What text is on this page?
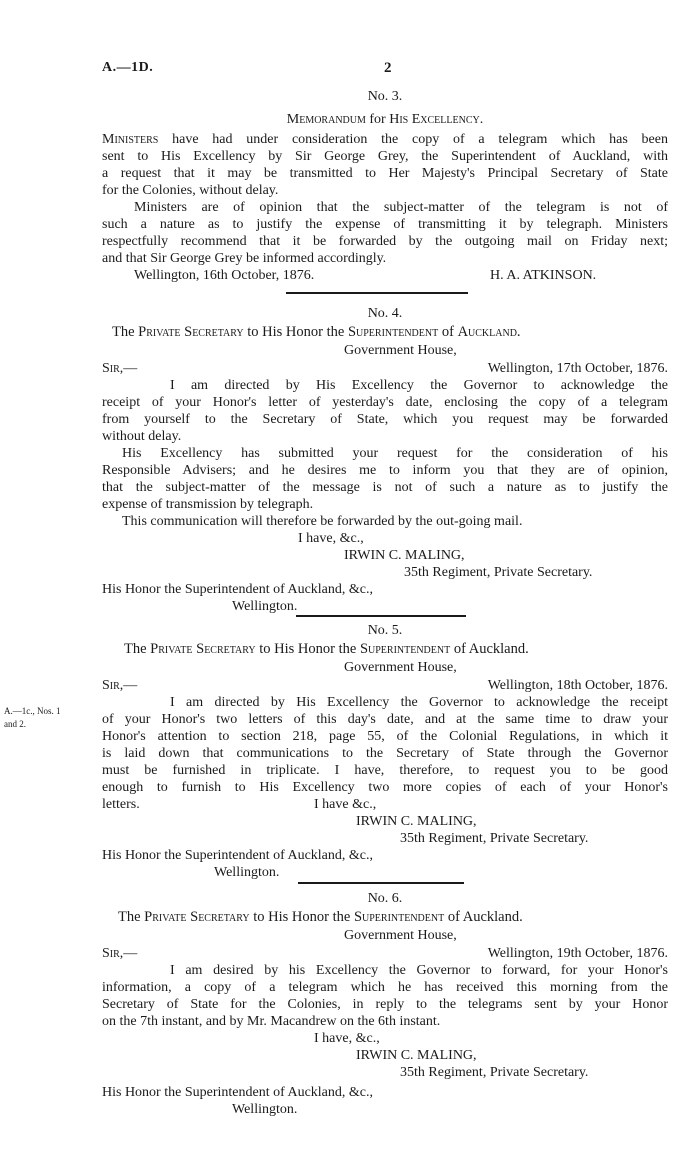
A.—1D.	2
No. 3.
Memorandum for His Excellency.
Ministers have had under consideration the copy of a telegram which has been
sent to His Excellency by Sir George Grey, the Superintendent of Auckland, with
a request that it may be transmitted to Her Majesty's Principal Secretary of State
for the Colonies, without delay.
Ministers are of opinion that the subject-matter of the telegram is not of
such a nature as to justify the expense of transmitting it by telegraph. Ministers
respectfully recommend that it be forwarded by the outgoing mail on Friday next;
and that Sir George Grey be informed accordingly.
Wellington, 16th October, 1876.	H. A. ATKINSON.
No. 4.
The Private Secretary to His Honor the Superintendent of Auckland.
Government House,
Sir,—	Wellington, 17th October, 1876.
I am directed by His Excellency the Governor to acknowledge the
receipt of your Honor's letter of yesterday's date, enclosing the copy of a telegram
from yourself to the Secretary of State, which you request may be forwarded
without delay.
His Excellency has submitted your request for the consideration of his
Responsible Advisers; and he desires me to inform you that they are of opinion,
that the subject-matter of the message is not of such a nature as to justify the
expense of transmission by telegraph.
This communication will therefore be forwarded by the out-going mail.
I have, &c.,
IRWIN C. MALING,
35th Regiment, Private Secretary.
His Honor the Superintendent of Auckland, &c.,
Wellington.
No. 5.
The Private Secretary to His Honor the Superintendent of Auckland.
Government House,
Sir,—	Wellington, 18th October, 1876.
I am directed by His Excellency the Governor to acknowledge the receipt
A.—1c., Nos. 1
of your Honor's two letters of this day's date, and at the same time to draw your
and 2.
Honor's attention to section 218, page 55, of the Colonial Regulations, in which it
is laid down that communications to the Secretary of State through the Governor
must be furnished in triplicate. I have, therefore, to request you to be good
enough to furnish to His Excellency two more copies of each of your Honor's
letters.	I have &c.,
IRWIN C. MALING,
35th Regiment, Private Secretary.
His Honor the Superintendent of Auckland, &c.,
Wellington.
No. 6.
The Private Secretary to His Honor the Superintendent of Auckland.
Government House,
Sir,—	Wellington, 19th October, 1876.
I am desired by his Excellency the Governor to forward, for your Honor's
information, a copy of a telegram which he has received this morning from the
Secretary of State for the Colonies, in reply to the telegrams sent by your Honor
on the 7th instant, and by Mr. Macandrew on the 6th instant.
I have, &c.,
IRWIN C. MALING,
35th Regiment, Private Secretary.
His Honor the Superintendent of Auckland, &c.,
Wellington.
